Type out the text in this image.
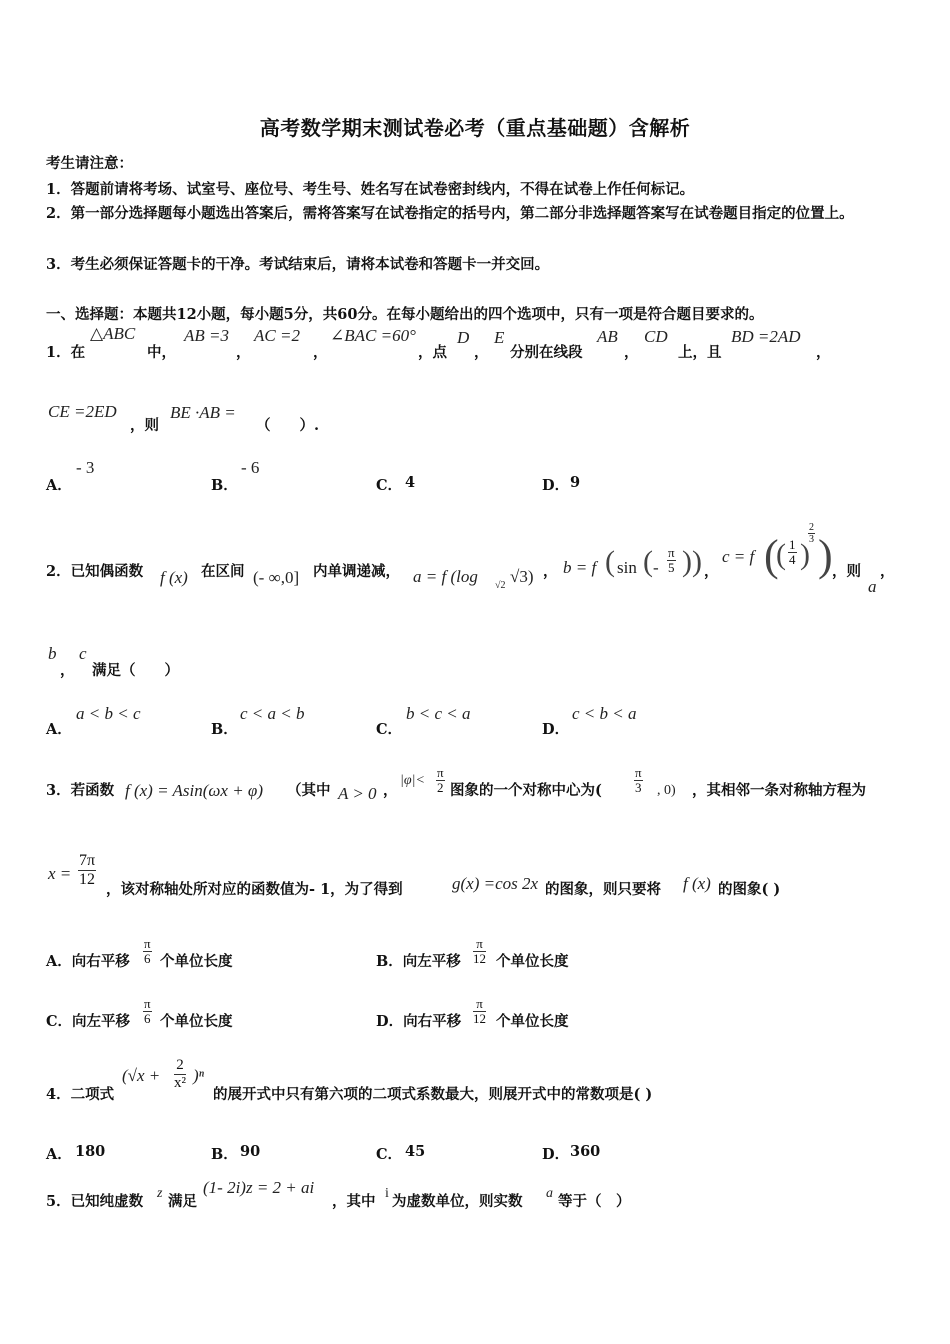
高考数学期末测试卷必考（重点基础题）含解析
考生请注意：
1．答题前请将考场、试室号、座位号、考生号、姓名写在试卷密封线内，不得在试卷上作任何标记。
2．第一部分选择题每小题选出答案后，需将答案写在试卷指定的括号内，第二部分非选择题答案写在试卷题目指定的位置上。
3．考生必须保证答题卡的干净。考试结束后，请将本试卷和答题卡一并交回。
一、选择题：本题共12小题，每小题5分，共60分。在每小题给出的四个选项中，只有一项是符合题目要求的。
1．在
△ABC
中，
AB =3
，
AC =2
，
∠BAC =60°
，点
D
，
E
分别在线段
AB
，
CD
上，且
BD =2AD
，
CE =2ED
，则
BE ·AB =
（　　）.
A．
- 3
B．
- 6
C． 4	D． 9
2．已知偶函数 f (x) 在区间 (- ∞,0] 内单调递减， a = f (log √2 √3) ， b = f ( sin ( - $\frac{\pi}{5}$ ) ) ，
c = f (
( $\frac{1}{4}$ )
$\frac{2}{3}$ ) ，则
a
，
b
，
c
满足（　　）
A．
a < b < c
B．
c < a < b
C．
b < c < a
D．
c < b < a
3．若函数 f (x) = Asin(ωx + φ) （其中 A > 0 ，
$|\varphi|< \frac{\pi}{2}$ 图象的一个对称中心为( $\frac{\pi}{3}$ , 0) ，其相邻一条对称轴方程为
$x = \frac{7\pi}{12}$
，该对称轴处所对应的函数值为- 1，为了得到	g(x) =cos 2x 的图象，则只要将 f (x) 的图象( )
A．向右平移 $\frac{\pi}{6}$ 个单位长度	B．向左平移 $\frac{\pi}{12}$ 个单位长度
C．向左平移 $\frac{\pi}{6}$ 个单位长度	D．向右平移 $\frac{\pi}{12}$ 个单位长度
4．二项式
$(√x + \frac{2}{\text{x²}} )^n$
的展开式中只有第六项的二项式系数最大，则展开式中的常数项是( )
A． 180	B． 90	C． 45	D． 360
5．已知纯虚数 z 满足
(1- 2i)z = 2 + ai
，其中 i 为虚数单位，则实数 a 等于（　）
